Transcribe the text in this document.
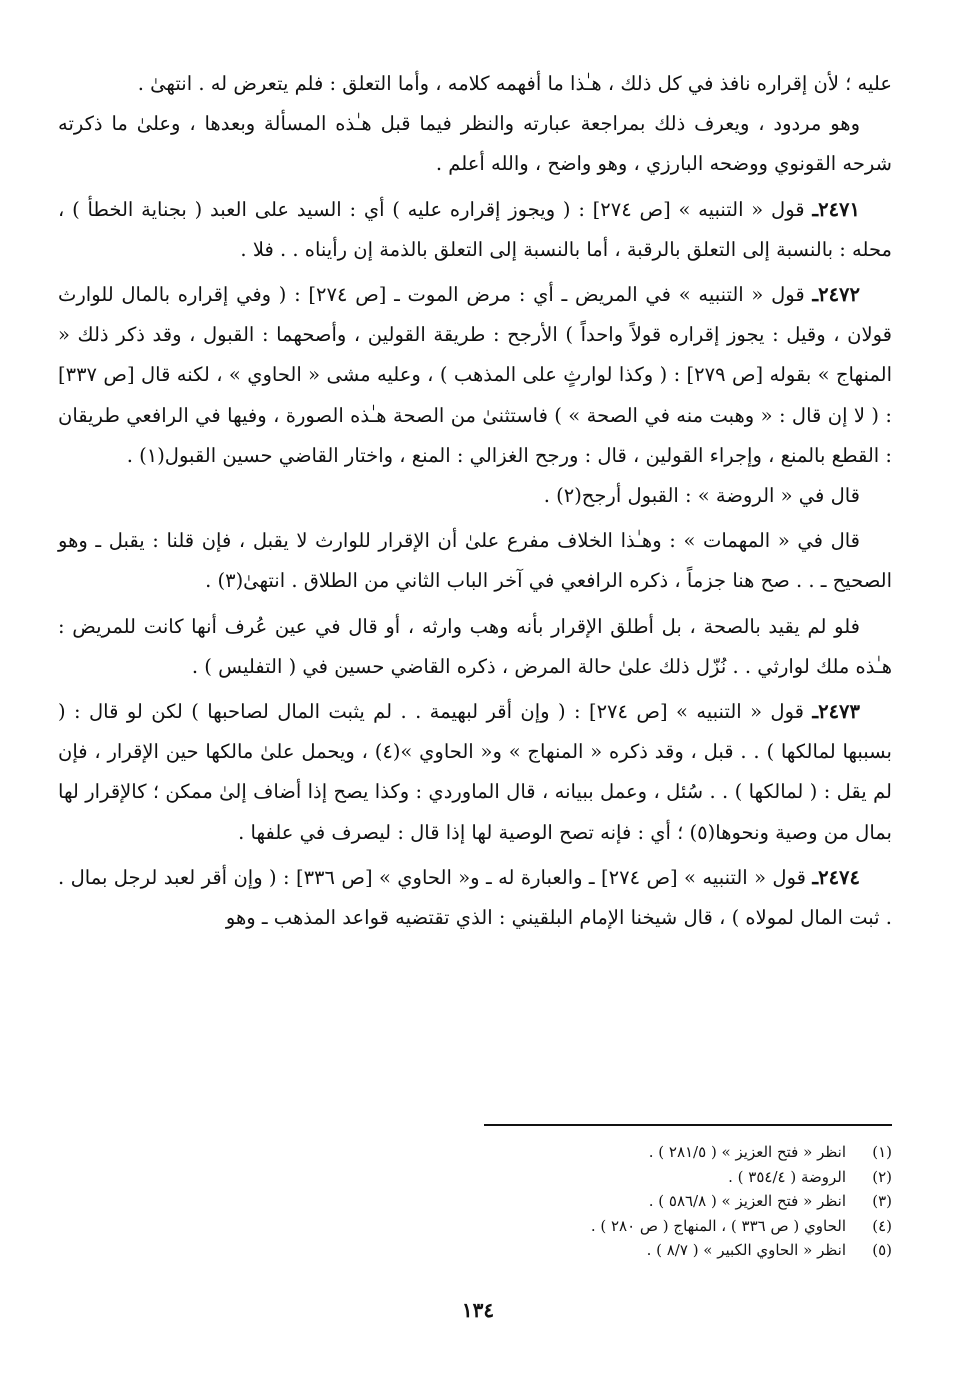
عليه ؛ لأن إقراره نافذ في كل ذلك ، هـٰذا ما أفهمه كلامه ، وأما التعلق : فلم يتعرض له . انتهىٰ .

وهو مردود ، ويعرف ذلك بمراجعة عبارته والنظر فيما قبل هـٰذه المسألة وبعدها ، وعلىٰ ما ذكرته شرحه القونوي ووضحه البارزي ، وهو واضح ، والله أعلم .

٢٤٧١ـ قول « التنبيه » [ص ٢٧٤] : ( ويجوز إقراره عليه ) أي : السيد على العبد ( بجناية الخطأ ) ، محله : بالنسبة إلى التعلق بالرقبة ، أما بالنسبة إلى التعلق بالذمة إن رأيناه . . فلا .

٢٤٧٢ـ قول « التنبيه » في المريض ـ أي : مرض الموت ـ [ص ٢٧٤] : ( وفي إقراره بالمال للوارث قولان ، وقيل : يجوز إقراره قولاً واحداً ) الأرجح : طريقة القولين ، وأصحهما : القبول ، وقد ذكر ذلك « المنهاج » بقوله [ص ٢٧٩] : ( وكذا لوارثٍ على المذهب ) ، وعليه مشى « الحاوي » ، لكنه قال [ص ٣٣٧] : ( لا إن قال : « وهبت منه في الصحة » ) فاستثنىٰ من الصحة هـٰذه الصورة ، وفيها في الرافعي طريقان : القطع بالمنع ، وإجراء القولين ، قال : ورجح الغزالي : المنع ، واختار القاضي حسين القبول(١) .

قال في « الروضة » : القبول أرجح(٢) .

قال في « المهمات » : وهـٰذا الخلاف مفرع علىٰ أن الإقرار للوارث لا يقبل ، فإن قلنا : يقبل ـ وهو الصحيح ـ . . صح هنا جزماً ، ذكره الرافعي في آخر الباب الثاني من الطلاق . انتهىٰ(٣) .

فلو لم يقيد بالصحة ، بل أطلق الإقرار بأنه وهب وارثه ، أو قال في عين عُرف أنها كانت للمريض : هـٰذه ملك لوارثي . . نُزّل ذلك علىٰ حالة المرض ، ذكره القاضي حسين في ( التفليس ) .

٢٤٧٣ـ قول « التنبيه » [ص ٢٧٤] : ( وإن أقر لبهيمة . . لم يثبت المال لصاحبها ) لكن لو قال : ( بسببها لمالكها ) . . قبل ، وقد ذكره « المنهاج » و« الحاوي »(٤) ، ويحمل علىٰ مالكها حين الإقرار ، فإن لم يقل : ( لمالكها ) . . سُئل ، وعمل ببيانه ، قال الماوردي : وكذا يصح إذا أضاف إلىٰ ممكن ؛ كالإقرار لها بمال من وصية ونحوها(٥) ؛ أي : فإنه تصح الوصية لها إذا قال : ليصرف في علفها .

٢٤٧٤ـ قول « التنبيه » [ص ٢٧٤] ـ والعبارة له ـ و« الحاوي » [ص ٣٣٦] : ( وإن أقر لعبد لرجل بمال . . ثبت المال لمولاه ) ، قال شيخنا الإمام البلقيني : الذي تقتضيه قواعد المذهب ـ وهو

(١)
انظر « فتح العزيز » ( ٢٨١/٥ ) .
(٢)
الروضة ( ٣٥٤/٤ ) .
(٣)
انظر « فتح العزيز » ( ٥٨٦/٨ ) .
(٤)
الحاوي ( ص ٣٣٦ ) ، المنهاج ( ص ٢٨٠ ) .
(٥)
انظر « الحاوي الكبير » ( ٨/٧ ) .
١٣٤
